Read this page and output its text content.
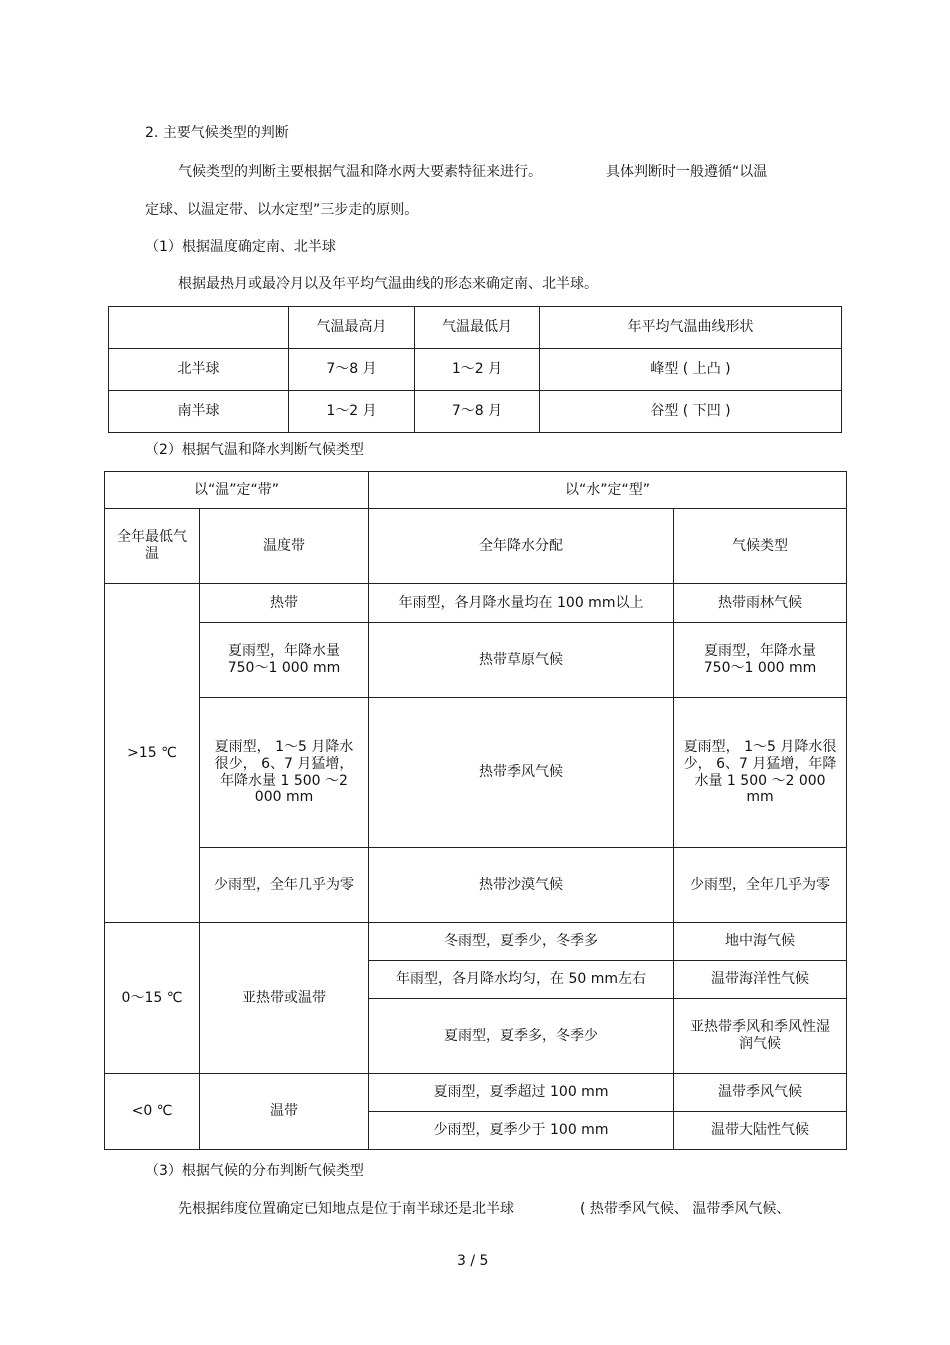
2. 主要气候类型的判断
气候类型的判断主要根据气温和降水两大要素特征来进行。	具体判断时一般遵循“以温
定球、以温定带、以水定型”三步走的原则。
（1）根据温度确定南、北半球
根据最热月或最冷月以及年平均气温曲线的形态来确定南、北半球。
	气温最高月	气温最低月	年平均气温曲线形状
北半球	7～8 月	1～2 月	峰型 ( 上凸 )
南半球	1～2 月	7～8 月	谷型 ( 下凹 )
（2）根据气温和降水判断气候类型
以“温”定“带”		以“水”定“型”	
全年最低气温	温度带	全年降水分配	气候类型
>15 ℃	热带	年雨型，各月降水量均在 100 mm以上	热带雨林气候
	夏雨型，年降水量 750～1 000 mm	热带草原气候	夏雨型，年降水量 750～1 000 mm
	夏雨型， 1～5 月降水很少， 6、7 月猛增，年降水量 1 500 ～2 000 mm	热带季风气候	夏雨型， 1～5 月降水很少， 6、7 月猛增，年降水量 1 500 ～2 000 mm
	少雨型，全年几乎为零	热带沙漠气候	少雨型，全年几乎为零
0～15 ℃	亚热带或温带	冬雨型，夏季少，冬季多	地中海气候
		年雨型，各月降水均匀，在 50 mm左右	温带海洋性气候
		夏雨型，夏季多，冬季少	亚热带季风和季风性湿润气候
<0 ℃	温带	夏雨型，夏季超过 100 mm	温带季风气候
		少雨型，夏季少于 100 mm	温带大陆性气候
（3）根据气候的分布判断气候类型
先根据纬度位置确定已知地点是位于南半球还是北半球	( 热带季风气候、 温带季风气候、
3 / 5
